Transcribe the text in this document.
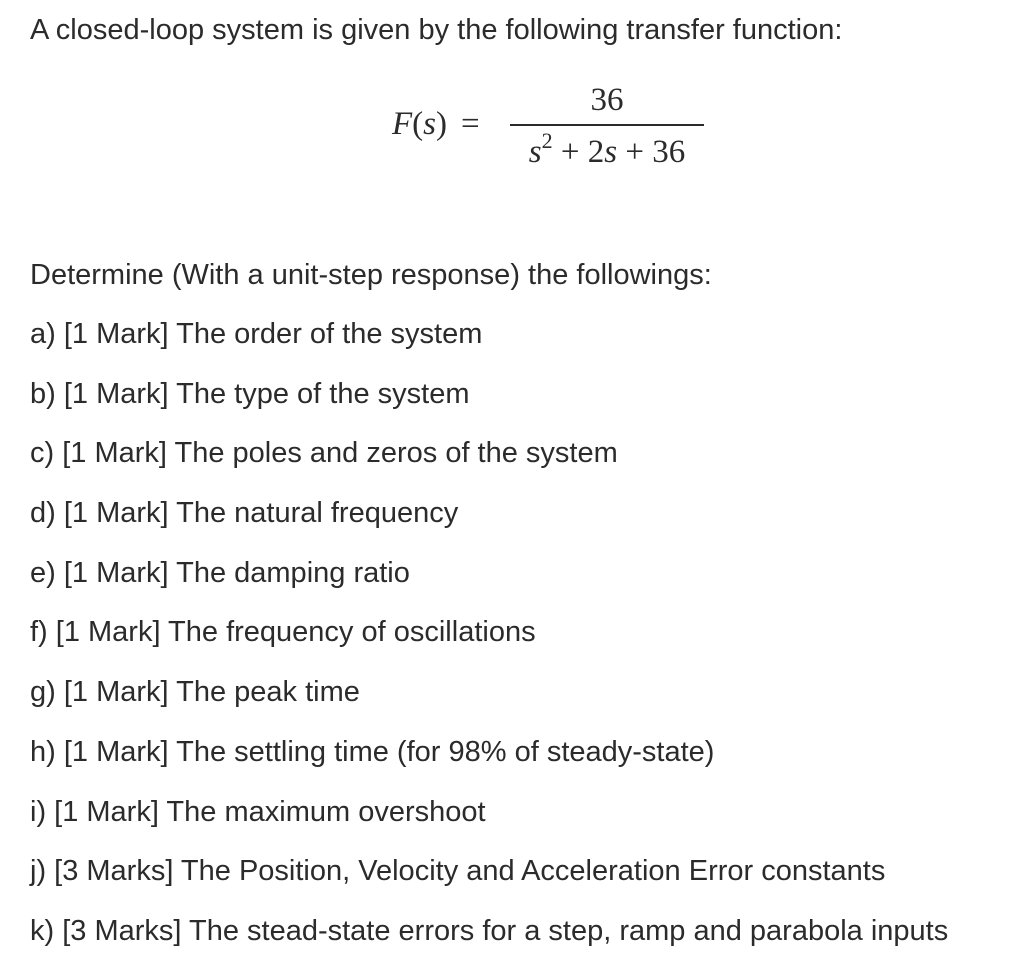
A closed-loop system is given by the following transfer function:
F(s) =
36
$s^2 + 2s + 36$
Determine (With a unit-step response) the followings:
a) [1 Mark] The order of the system
b) [1 Mark] The type of the system
c) [1 Mark] The poles and zeros of the system
d) [1 Mark] The natural frequency
e) [1 Mark] The damping ratio
f) [1 Mark] The frequency of oscillations
g) [1 Mark] The peak time
h) [1 Mark] The settling time (for 98% of steady-state)
i) [1 Mark] The maximum overshoot
j) [3 Marks] The Position, Velocity and Acceleration Error constants
k) [3 Marks] The stead-state errors for a step, ramp and parabola inputs
